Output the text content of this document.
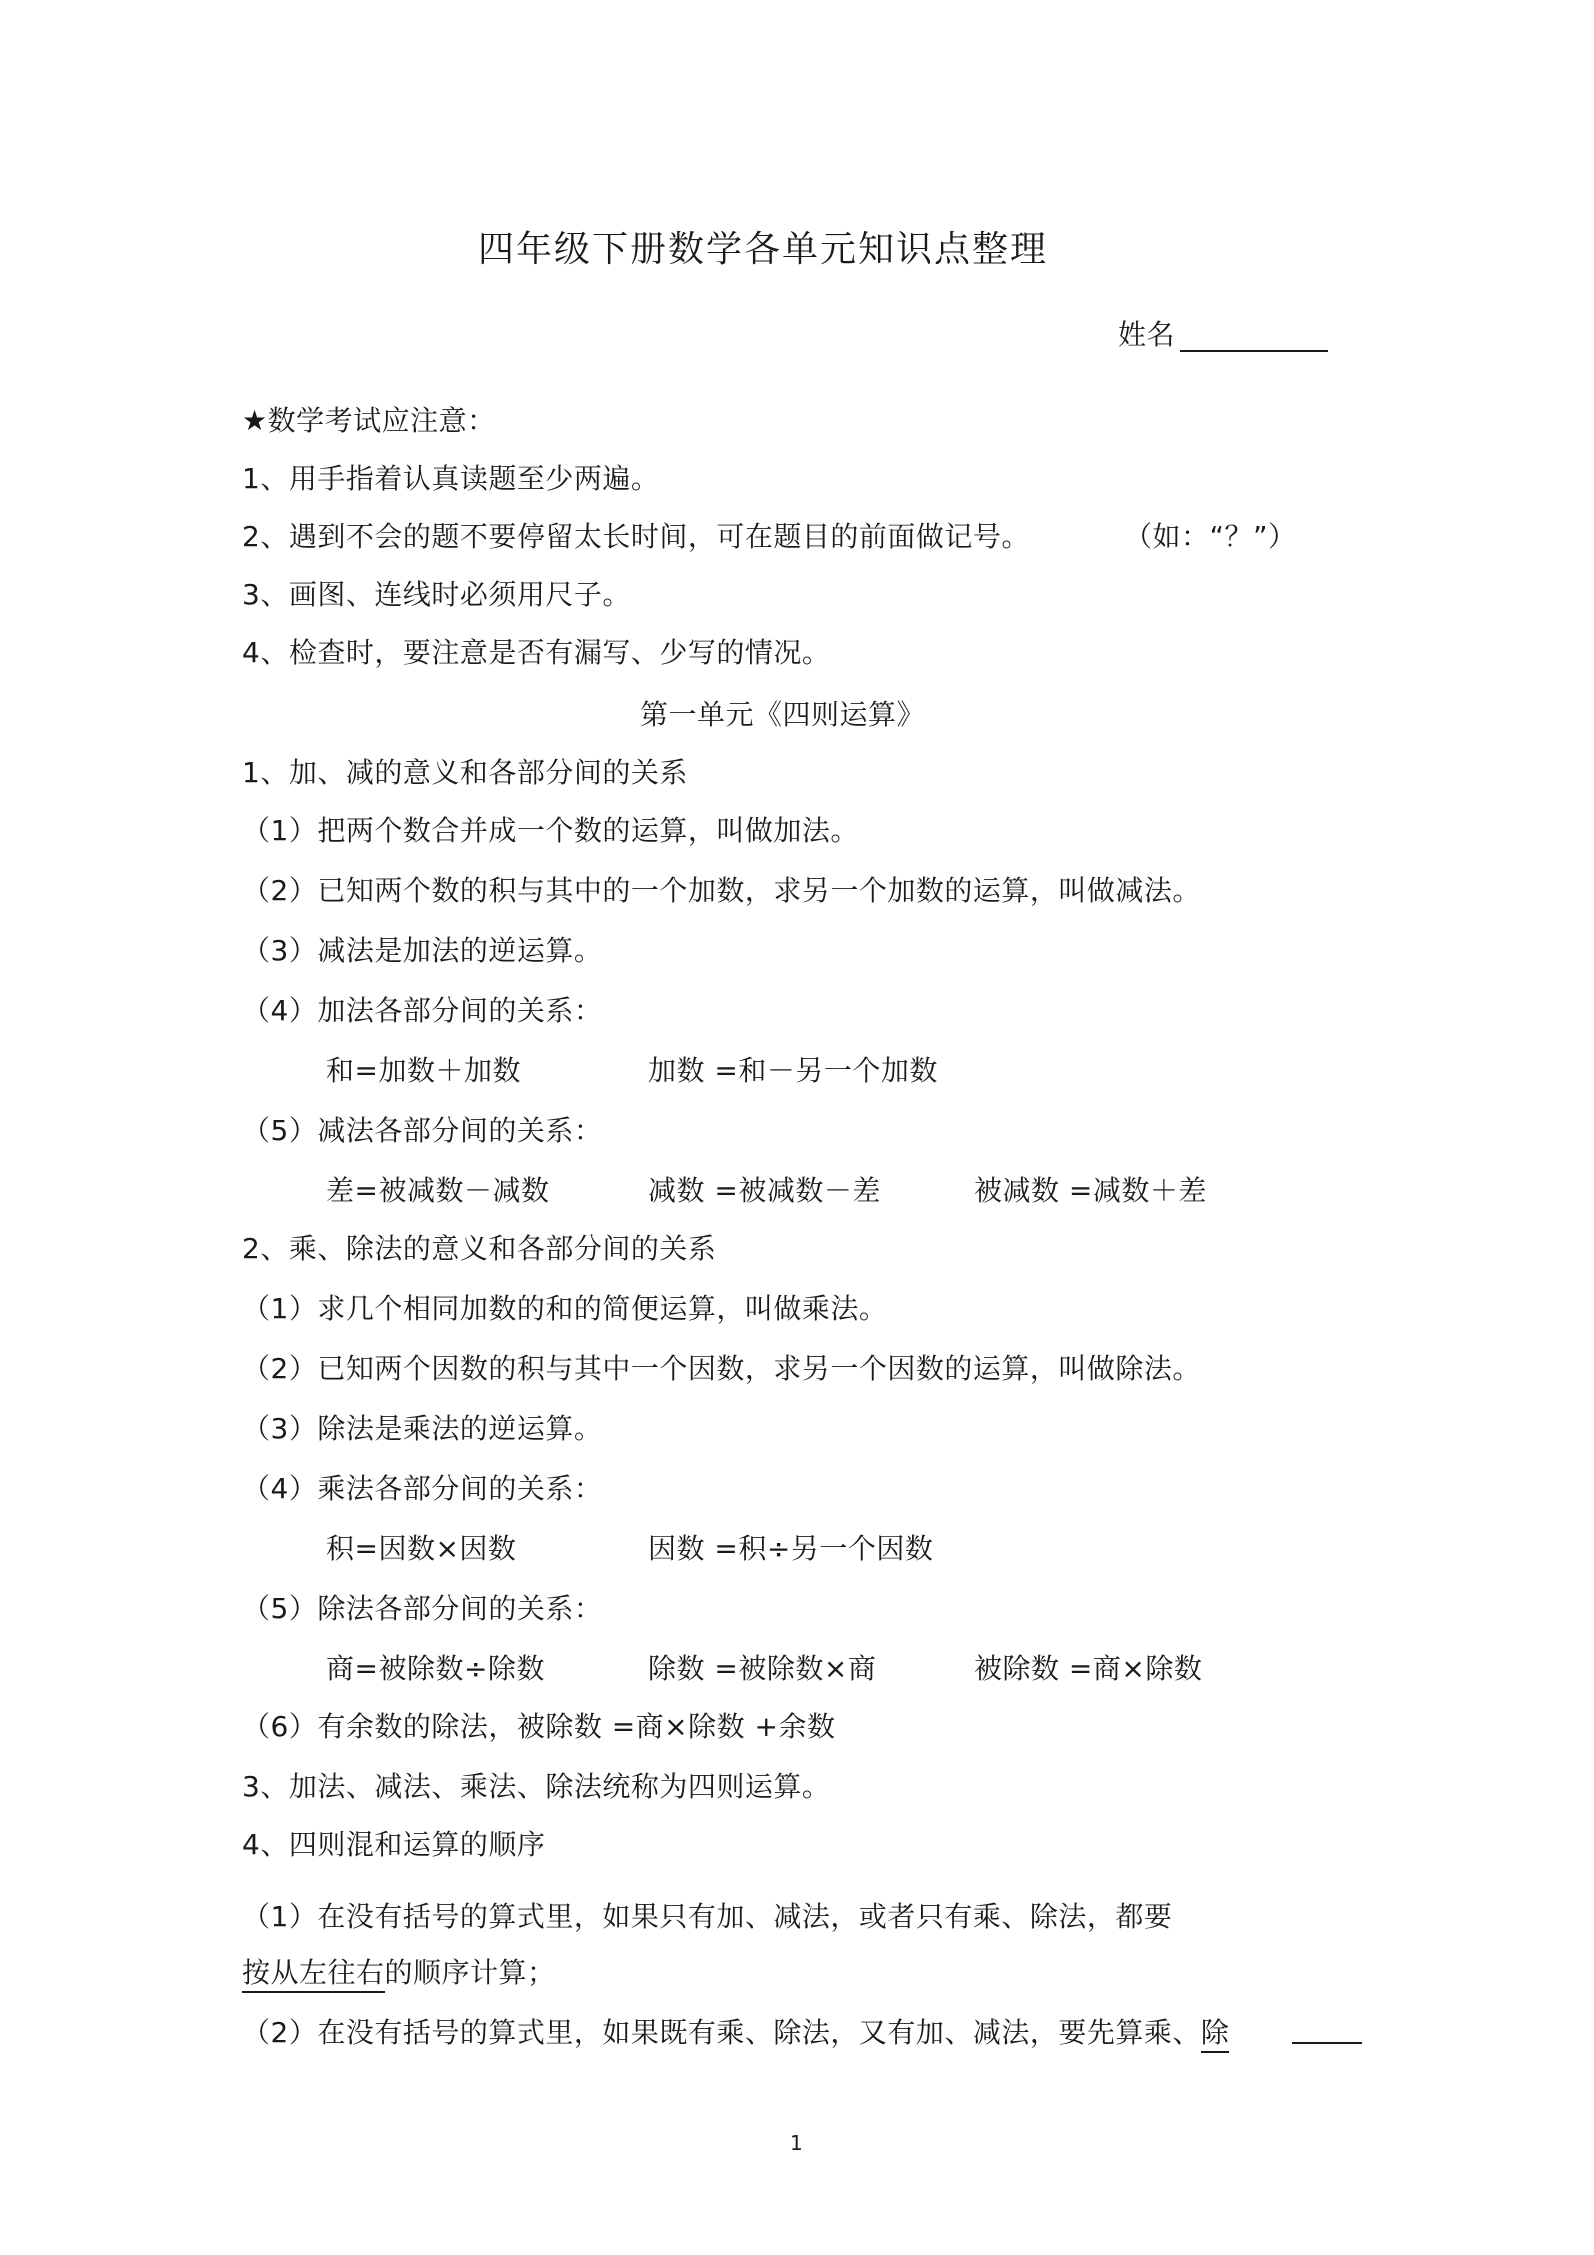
四年级下册数学各单元知识点整理
姓名
★数学考试应注意：
1、用手指着认真读题至少两遍。
2、遇到不会的题不要停留太长时间，可在题目的前面做记号。	（如：“？”）
3、画图、连线时必须用尺子。
4、检查时，要注意是否有漏写、少写的情况。
第一单元《四则运算》
1、加、减的意义和各部分间的关系
（1）把两个数合并成一个数的运算，叫做加法。
（2）已知两个数的积与其中的一个加数，求另一个加数的运算，叫做减法。
（3）减法是加法的逆运算。
（4）加法各部分间的关系：
和=加数＋加数	加数 =和－另一个加数
（5）减法各部分间的关系：
差=被减数－减数	减数 =被减数－差	被减数 =减数＋差
2、乘、除法的意义和各部分间的关系
（1）求几个相同加数的和的简便运算，叫做乘法。
（2）已知两个因数的积与其中一个因数，求另一个因数的运算，叫做除法。
（3）除法是乘法的逆运算。
（4）乘法各部分间的关系：
积=因数×因数	因数 =积÷另一个因数
（5）除法各部分间的关系：
商=被除数÷除数	除数 =被除数×商	被除数 =商×除数
（6）有余数的除法，被除数 =商×除数 +余数
3、加法、减法、乘法、除法统称为四则运算。
4、四则混和运算的顺序
（1）在没有括号的算式里，如果只有加、减法，或者只有乘、除法，都要
按从左往右的顺序计算；
（2）在没有括号的算式里，如果既有乘、除法，又有加、减法，要先算乘、除
1
